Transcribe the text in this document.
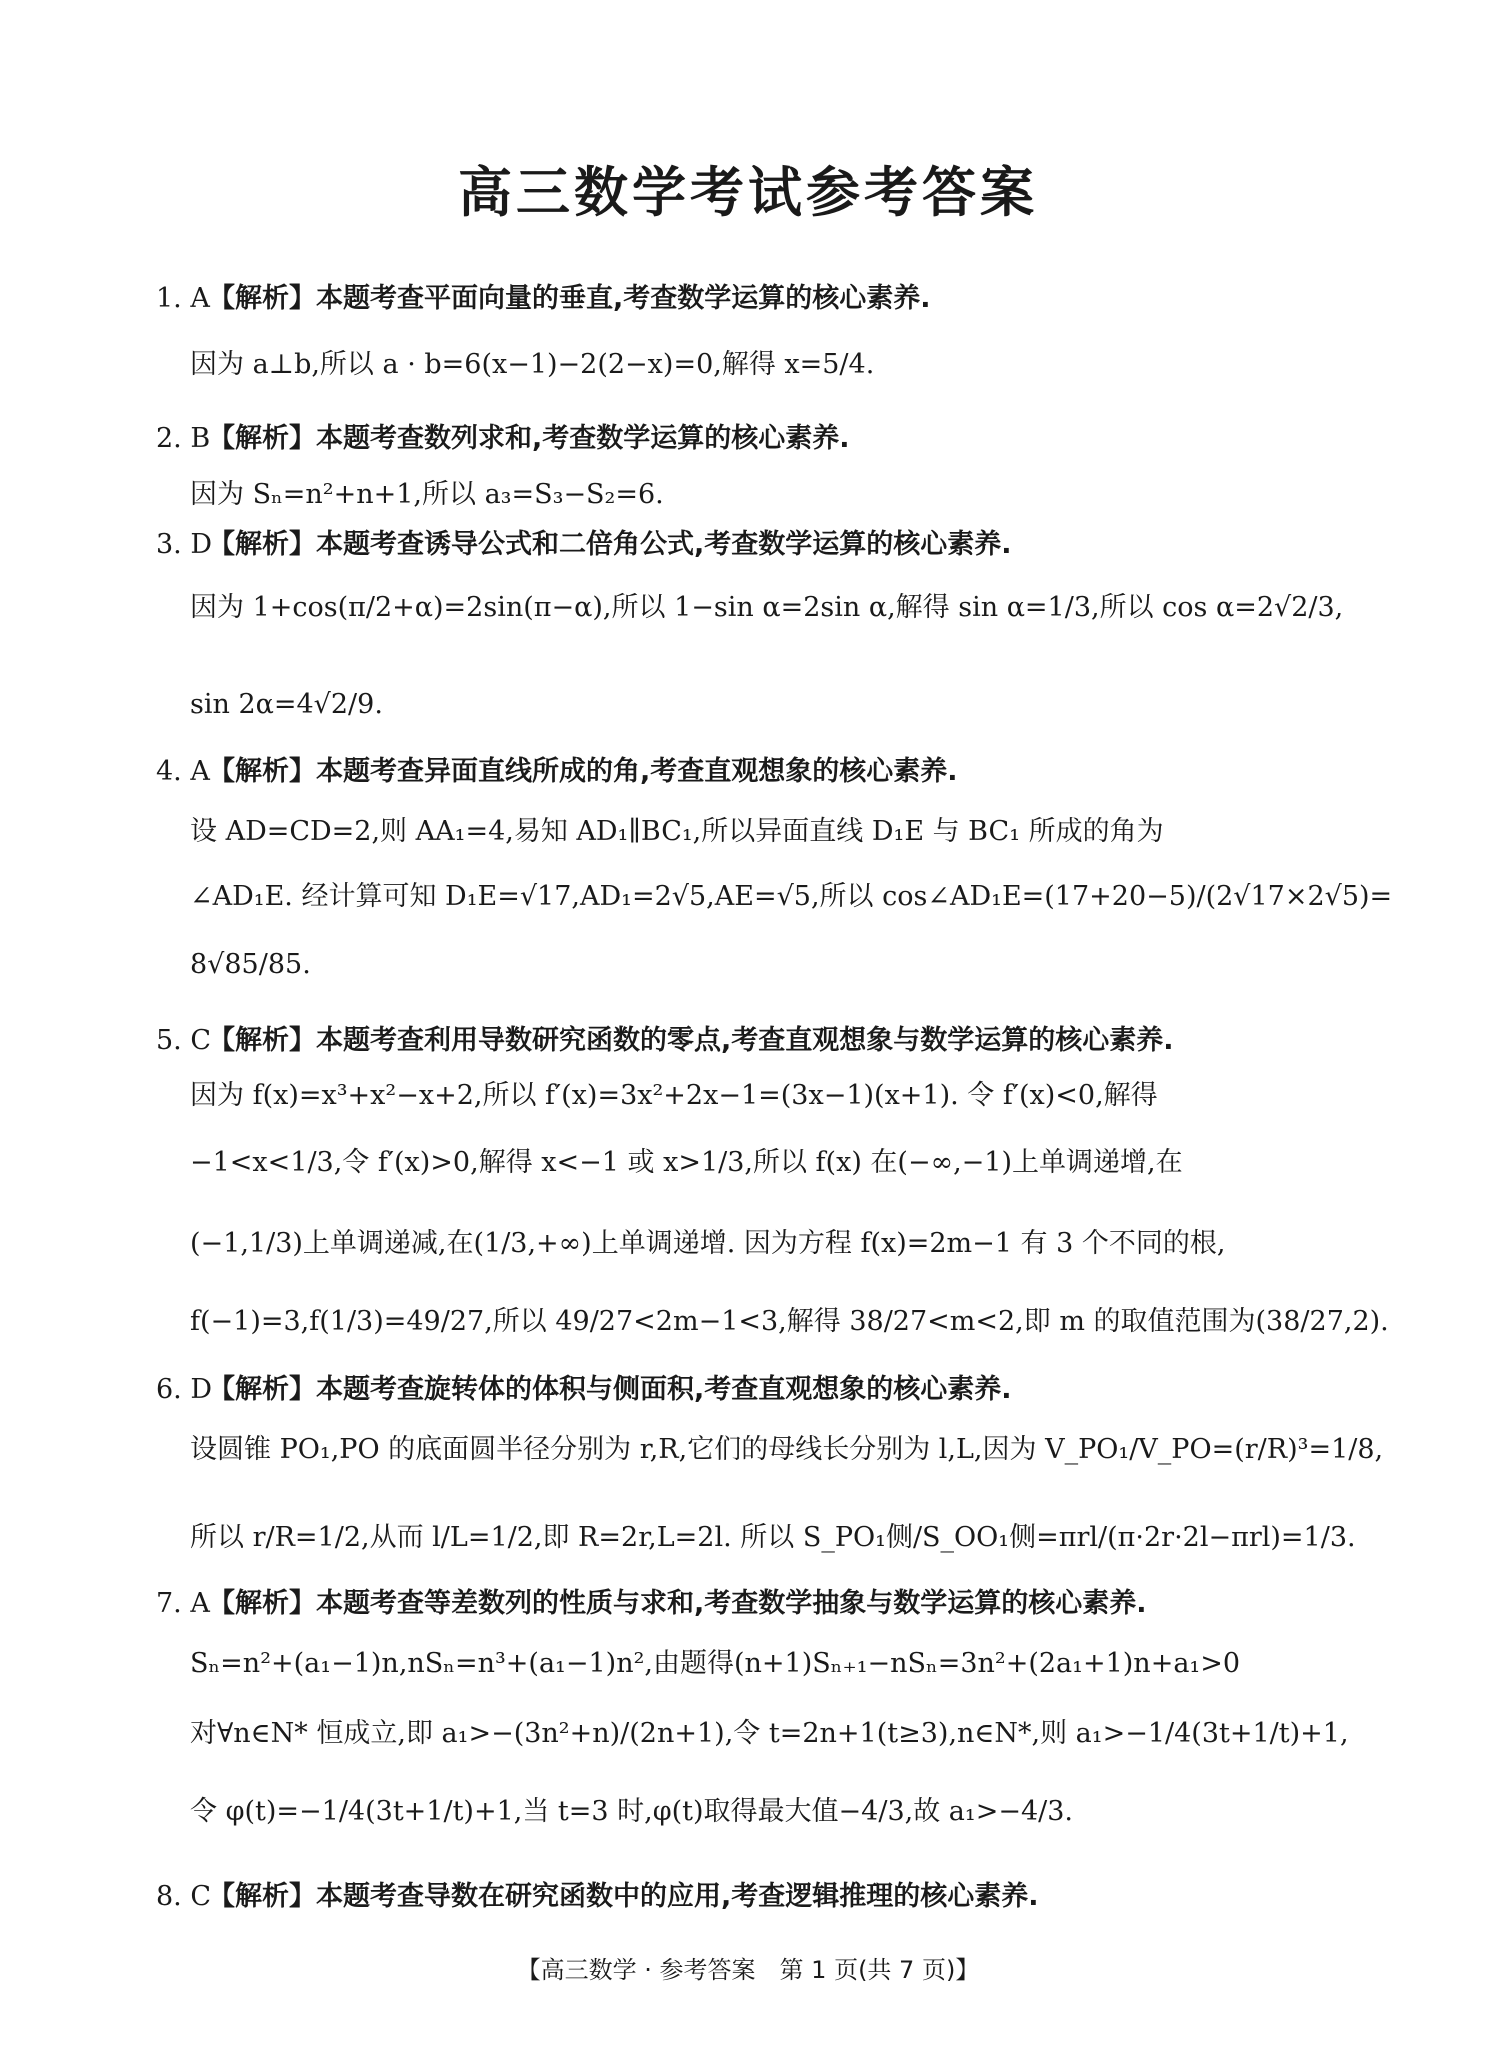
高三数学考试参考答案
1. A【解析】本题考查平面向量的垂直,考查数学运算的核心素养.
因为 a⊥b,所以 a · b=6(x−1)−2(2−x)=0,解得 x=5/4.
2. B【解析】本题考查数列求和,考查数学运算的核心素养.
因为 Sₙ=n²+n+1,所以 a₃=S₃−S₂=6.
3. D【解析】本题考查诱导公式和二倍角公式,考查数学运算的核心素养.
因为 1+cos(π/2+α)=2sin(π−α),所以 1−sin α=2sin α,解得 sin α=1/3,所以 cos α=2√2/3,
sin 2α=4√2/9.
4. A【解析】本题考查异面直线所成的角,考查直观想象的核心素养.
设 AD=CD=2,则 AA₁=4,易知 AD₁∥BC₁,所以异面直线 D₁E 与 BC₁ 所成的角为
∠AD₁E. 经计算可知 D₁E=√17,AD₁=2√5,AE=√5,所以 cos∠AD₁E=(17+20−5)/(2√17×2√5)=
8√85/85.
5. C【解析】本题考查利用导数研究函数的零点,考查直观想象与数学运算的核心素养.
因为 f(x)=x³+x²−x+2,所以 f′(x)=3x²+2x−1=(3x−1)(x+1). 令 f′(x)<0,解得
−1<x<1/3,令 f′(x)>0,解得 x<−1 或 x>1/3,所以 f(x) 在(−∞,−1)上单调递增,在
(−1,1/3)上单调递减,在(1/3,+∞)上单调递增. 因为方程 f(x)=2m−1 有 3 个不同的根,
f(−1)=3,f(1/3)=49/27,所以 49/27<2m−1<3,解得 38/27<m<2,即 m 的取值范围为(38/27,2).
6. D【解析】本题考查旋转体的体积与侧面积,考查直观想象的核心素养.
设圆锥 PO₁,PO 的底面圆半径分别为 r,R,它们的母线长分别为 l,L,因为 V_PO₁/V_PO=(r/R)³=1/8,
所以 r/R=1/2,从而 l/L=1/2,即 R=2r,L=2l. 所以 S_PO₁侧/S_OO₁侧=πrl/(π·2r·2l−πrl)=1/3.
7. A【解析】本题考查等差数列的性质与求和,考查数学抽象与数学运算的核心素养.
Sₙ=n²+(a₁−1)n,nSₙ=n³+(a₁−1)n²,由题得(n+1)Sₙ₊₁−nSₙ=3n²+(2a₁+1)n+a₁>0
对∀n∈N* 恒成立,即 a₁>−(3n²+n)/(2n+1),令 t=2n+1(t≥3),n∈N*,则 a₁>−1/4(3t+1/t)+1,
令 φ(t)=−1/4(3t+1/t)+1,当 t=3 时,φ(t)取得最大值−4/3,故 a₁>−4/3.
8. C【解析】本题考查导数在研究函数中的应用,考查逻辑推理的核心素养.
【高三数学 · 参考答案　第 1 页(共 7 页)】
